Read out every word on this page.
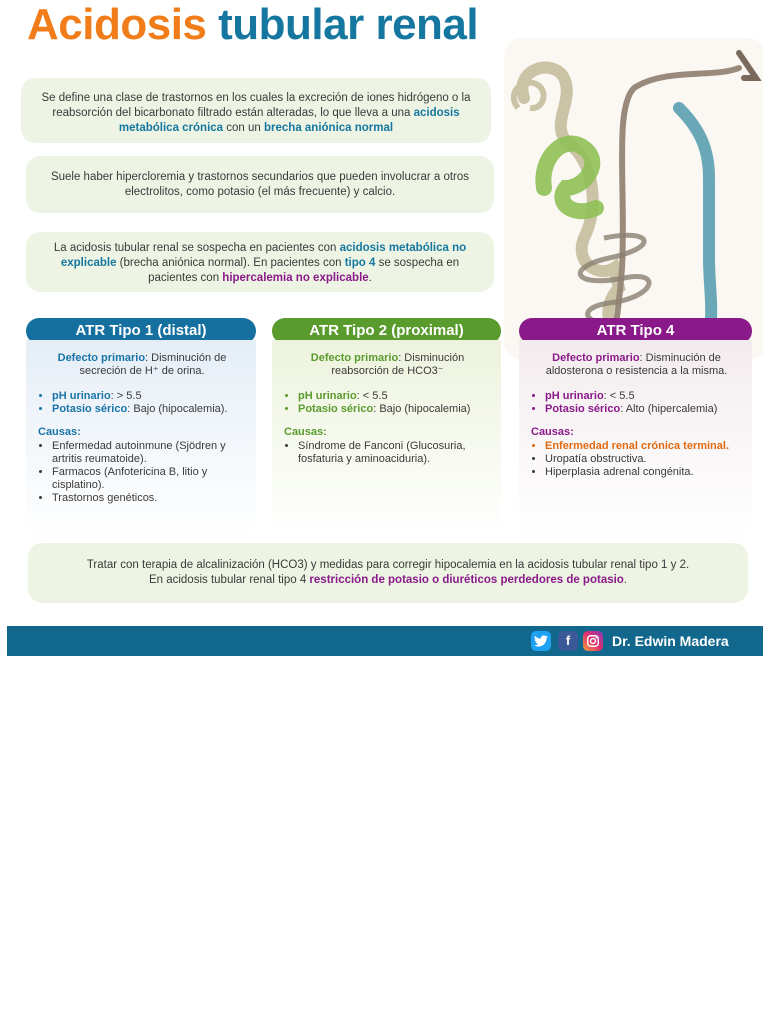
Acidosis tubular renal

Se define una clase de trastornos en los cuales la excreción de iones hidrógeno o la reabsorción del bicarbonato filtrado están alteradas, lo que lleva a una acidosis metabólica crónica con un brecha aniónica normal

Suele haber hipercloremia y trastornos secundarios que pueden involucrar a otros electrolitos, como potasio (el más frecuente) y calcio.

La acidosis tubular renal se sospecha en pacientes con acidosis metabólica no explicable (brecha aniónica normal). En pacientes con tipo 4 se sospecha en pacientes con hipercalemia no explicable.

ATR Tipo 1 (distal)

Defecto primario: Disminución de secreción de H⁺ de orina.

• pH urinario: > 5.5
• Potasio sérico: Bajo (hipocalemia).

Causas:

• Enfermedad autoinmune (Sjödren y artritis reumatoide).
• Farmacos (Anfotericina B, litio y cisplatino).
• Trastornos genéticos.
ATR Tipo 2 (proximal)

Defecto primario: Disminución reabsorción de HCO3⁻

• pH urinario: < 5.5
• Potasio sérico: Bajo (hipocalemia)

Causas:

• Síndrome de Fanconi (Glucosuria, fosfaturia y aminoaciduria).
ATR Tipo 4

Defecto primario: Disminución de aldosterona o resistencia a la misma.

• pH urinario: < 5.5
• Potasio sérico: Alto (hipercalemia)

Causas:

• Enfermedad renal crónica terminal.
• Uropatía obstructiva.
• Hiperplasia adrenal congénita.

Tratar con terapia de alcalinización (HCO3) y medidas para corregir hipocalemia en la acidosis tubular renal tipo 1 y 2.

En acidosis tubular renal tipo 4 restricción de potasio o diuréticos perdedores de potasio.

f	Dr. Edwin Madera
